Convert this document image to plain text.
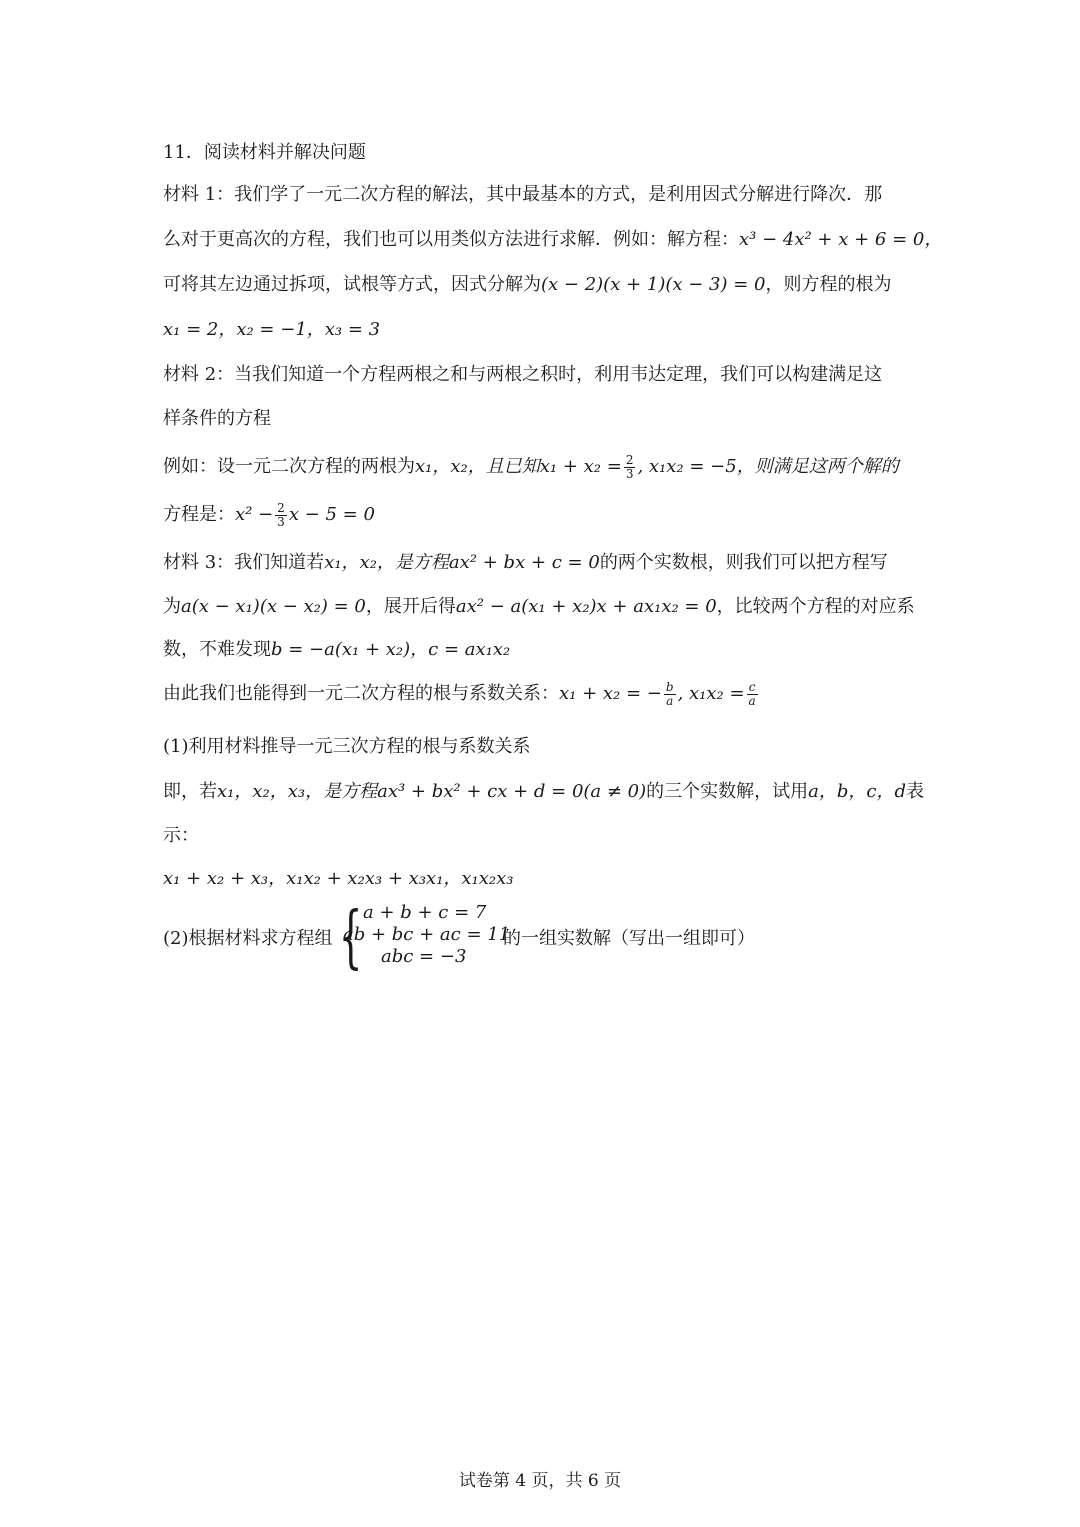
11．阅读材料并解决问题
材料 1：我们学了一元二次方程的解法，其中最基本的方式，是利用因式分解进行降次．那
么对于更高次的方程，我们也可以用类似方法进行求解．例如：解方程：x³ − 4x² + x + 6 = 0，
可将其左边通过拆项，试根等方式，因式分解为(x − 2)(x + 1)(x − 3) = 0，则方程的根为
x₁ = 2，x₂ = −1，x₃ = 3
材料 2：当我们知道一个方程两根之和与两根之积时，利用韦达定理，我们可以构建满足这
样条件的方程
例如：设一元二次方程的两根为x₁，x₂，且已知$x_1 + x_2 = \frac{2}{3}$ , x₁x₂ = −5，则满足这两个解的
方程是：$x^2 - \frac{2}{3}$ x − 5 = 0
材料 3：我们知道若x₁，x₂，是方程ax² + bx + c = 0的两个实数根，则我们可以把方程写
为a(x − x₁)(x − x₂) = 0，展开后得ax² − a(x₁ + x₂)x + ax₁x₂ = 0，比较两个方程的对应系
数，不难发现b = −a(x₁ + x₂)，c = ax₁x₂
由此我们也能得到一元二次方程的根与系数关系：x₁ + x₂ = − $\frac{b}{a}$ , $x_1x_2 = \frac{c}{a}$
(1)利用材料推导一元三次方程的根与系数关系
即，若x₁，x₂，x₃，是方程ax³ + bx² + cx + d = 0(a ≠ 0)的三个实数解，试用a，b，c，d表
示：
x₁ + x₂ + x₃，x₁x₂ + x₂x₃ + x₃x₁，x₁x₂x₃
(2)根据材料求方程组 { a + b + c = 7
ab + bc + ac = 11
abc = −3
的一组实数解（写出一组即可）
试卷第 4 页，共 6 页
